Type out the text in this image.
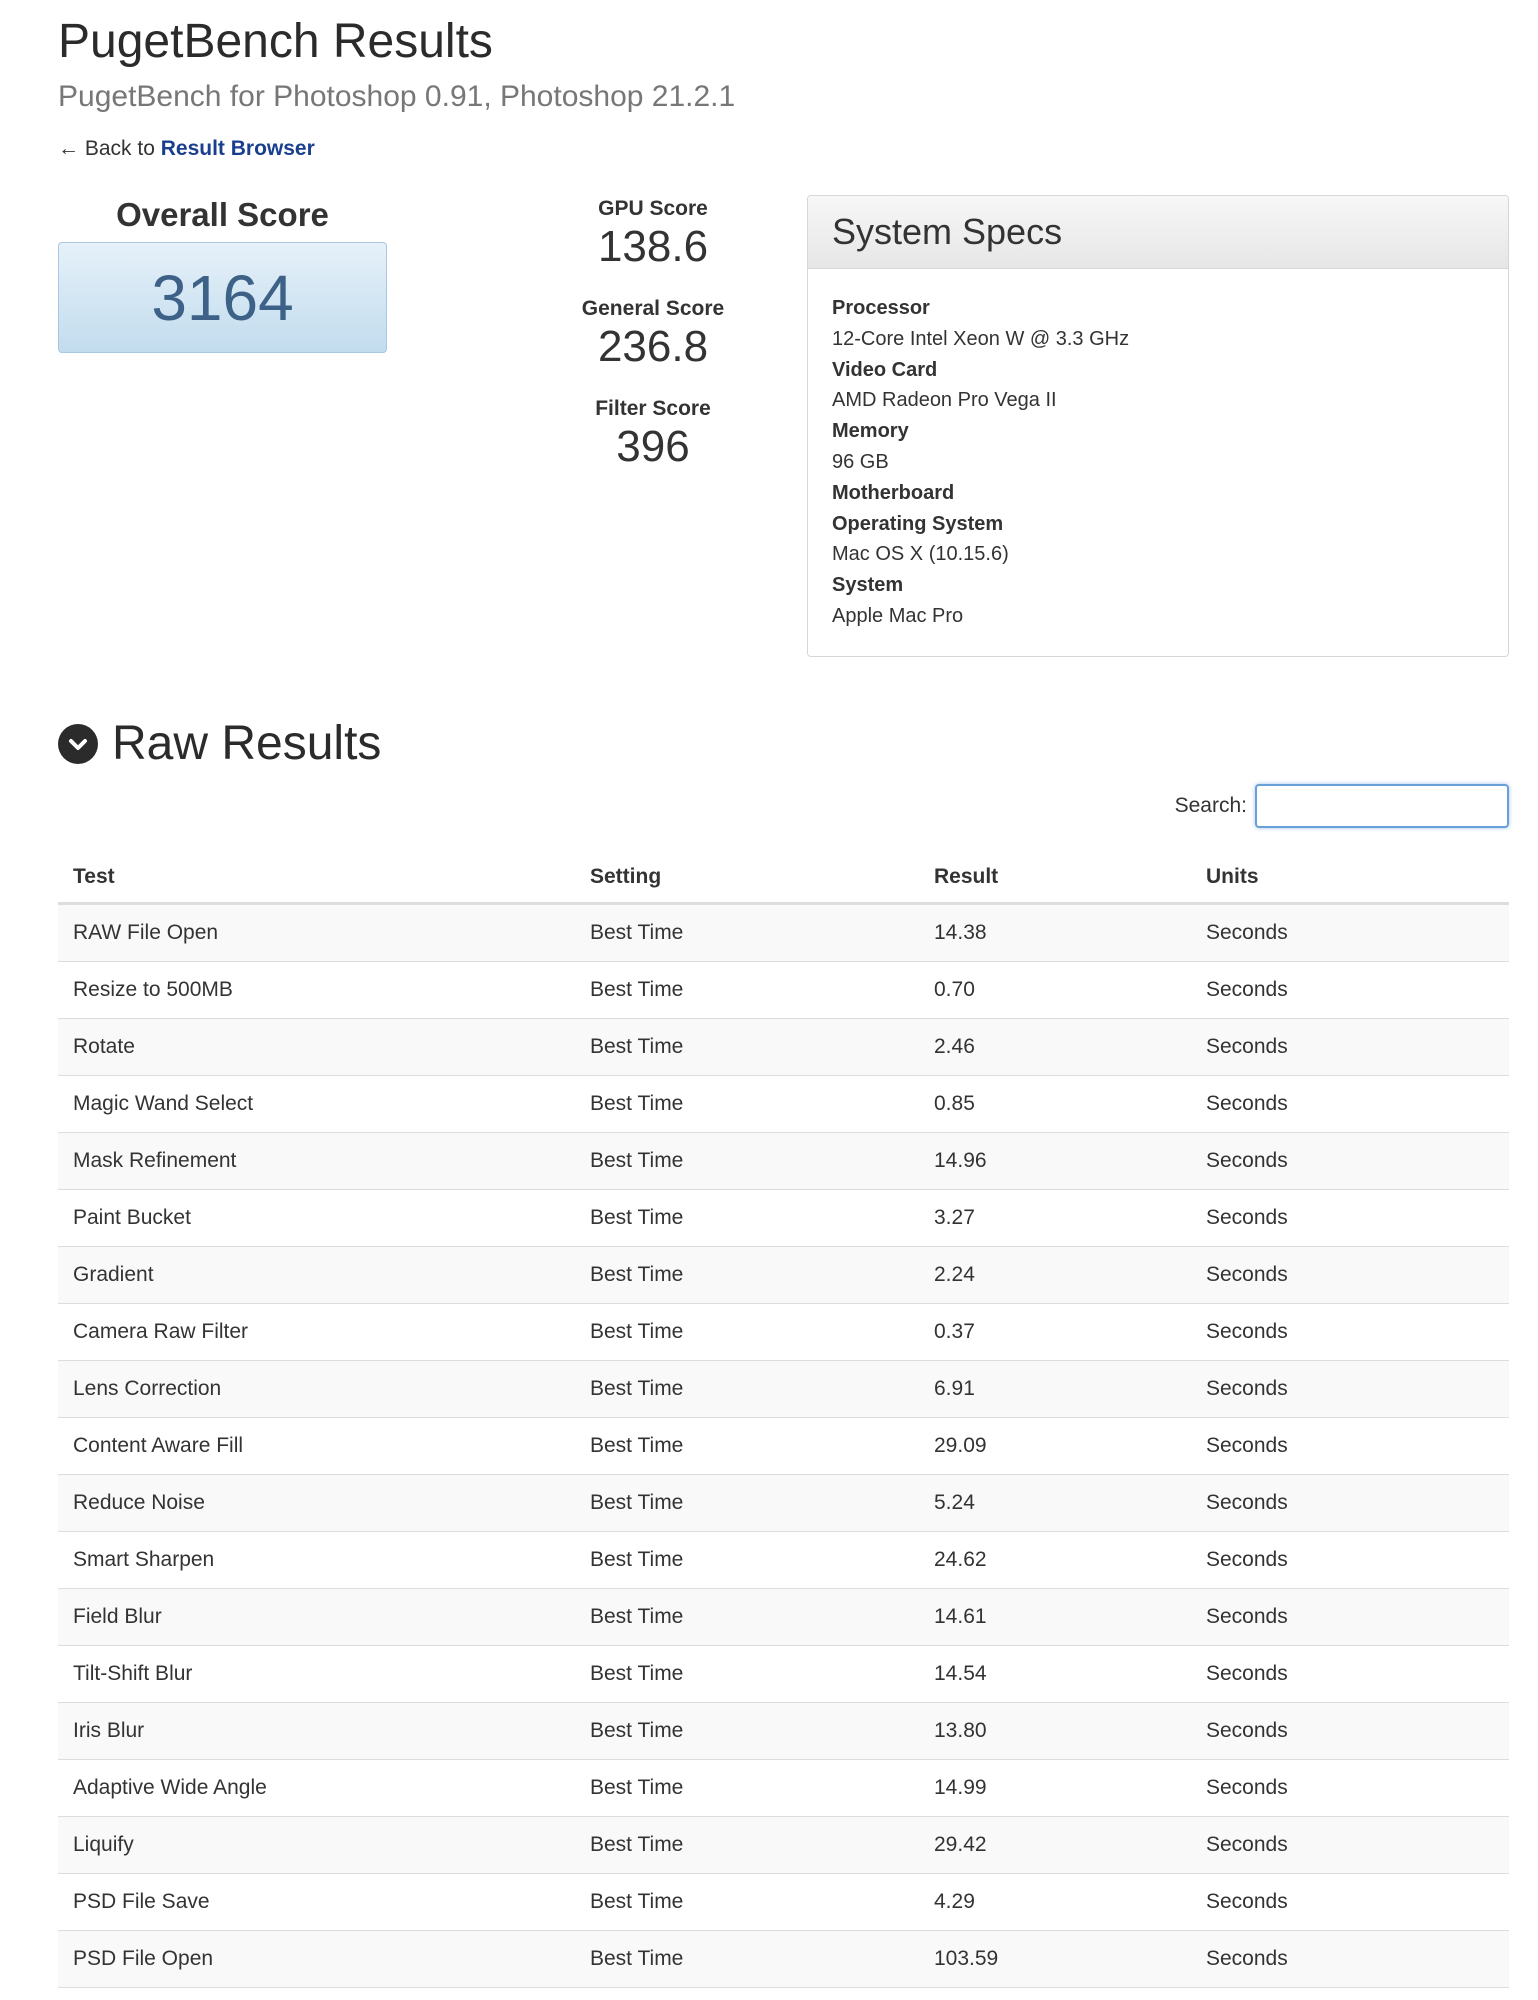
PugetBench Results
PugetBench for Photoshop 0.91, Photoshop 21.2.1
← Back to Result Browser
Overall Score
3164
GPU Score
138.6
General Score
236.8
Filter Score
396
System Specs
Processor
12-Core Intel Xeon W @ 3.3 GHz
Video Card
AMD Radeon Pro Vega II
Memory
96 GB
Motherboard
Operating System
Mac OS X (10.15.6)
System
Apple Mac Pro
Raw Results
Search:
Test	Setting	Result	Units
RAW File Open	Best Time	14.38	Seconds
Resize to 500MB	Best Time	0.70	Seconds
Rotate	Best Time	2.46	Seconds
Magic Wand Select	Best Time	0.85	Seconds
Mask Refinement	Best Time	14.96	Seconds
Paint Bucket	Best Time	3.27	Seconds
Gradient	Best Time	2.24	Seconds
Camera Raw Filter	Best Time	0.37	Seconds
Lens Correction	Best Time	6.91	Seconds
Content Aware Fill	Best Time	29.09	Seconds
Reduce Noise	Best Time	5.24	Seconds
Smart Sharpen	Best Time	24.62	Seconds
Field Blur	Best Time	14.61	Seconds
Tilt-Shift Blur	Best Time	14.54	Seconds
Iris Blur	Best Time	13.80	Seconds
Adaptive Wide Angle	Best Time	14.99	Seconds
Liquify	Best Time	29.42	Seconds
PSD File Save	Best Time	4.29	Seconds
PSD File Open	Best Time	103.59	Seconds
